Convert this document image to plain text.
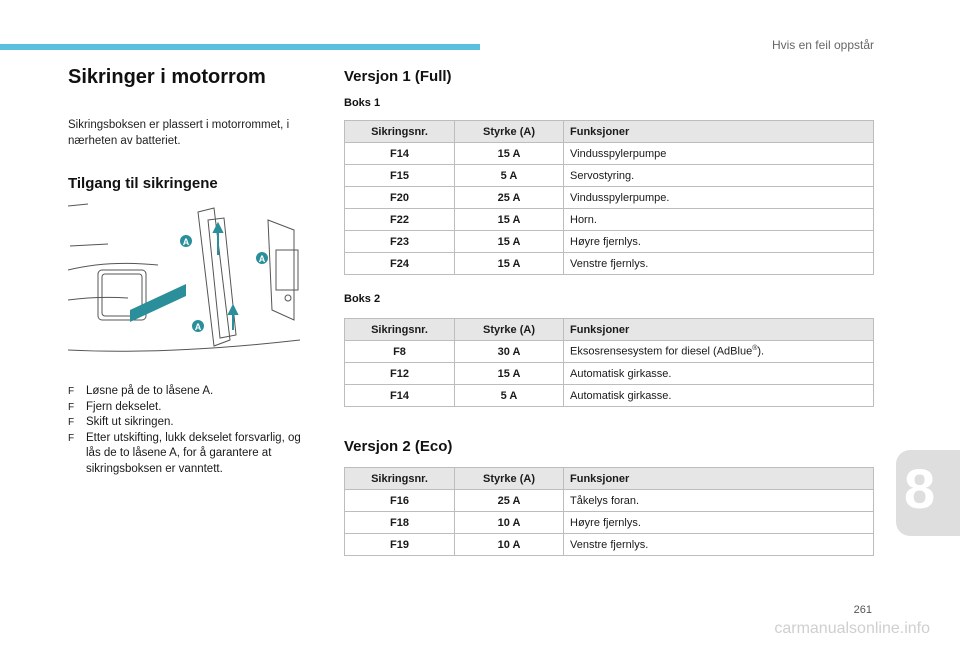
Hvis en feil oppstår
8
261
Sikringer i motorrom
Sikringsboksen er plassert i motorrommet, i nærheten av batteriet.
Tilgang til sikringene
A
A
A
F Løsne på de to låsene A.
F Fjern dekselet.
F Skift ut sikringen.
F Etter utskifting, lukk dekselet forsvarlig, og lås de to låsene A, for å garantere at sikringsboksen er vanntett.
Versjon 1 (Full)
Boks 1
Sikringsnr.	Styrke (A)	Funksjoner
F14	15 A	Vindusspylerpumpe
F15	5 A	Servostyring.
F20	25 A	Vindusspylerpumpe.
F22	15 A	Horn.
F23	15 A	Høyre fjernlys.
F24	15 A	Venstre fjernlys.
Boks 2
Sikringsnr.	Styrke (A)	Funksjoner
F8	30 A	Eksosrensesystem for diesel (AdBlue®).
F12	15 A	Automatisk girkasse.
F14	5 A	Automatisk girkasse.
Versjon 2 (Eco)
Sikringsnr.	Styrke (A)	Funksjoner
F16	25 A	Tåkelys foran.
F18	10 A	Høyre fjernlys.
F19	10 A	Venstre fjernlys.
carmanualsonline.info
